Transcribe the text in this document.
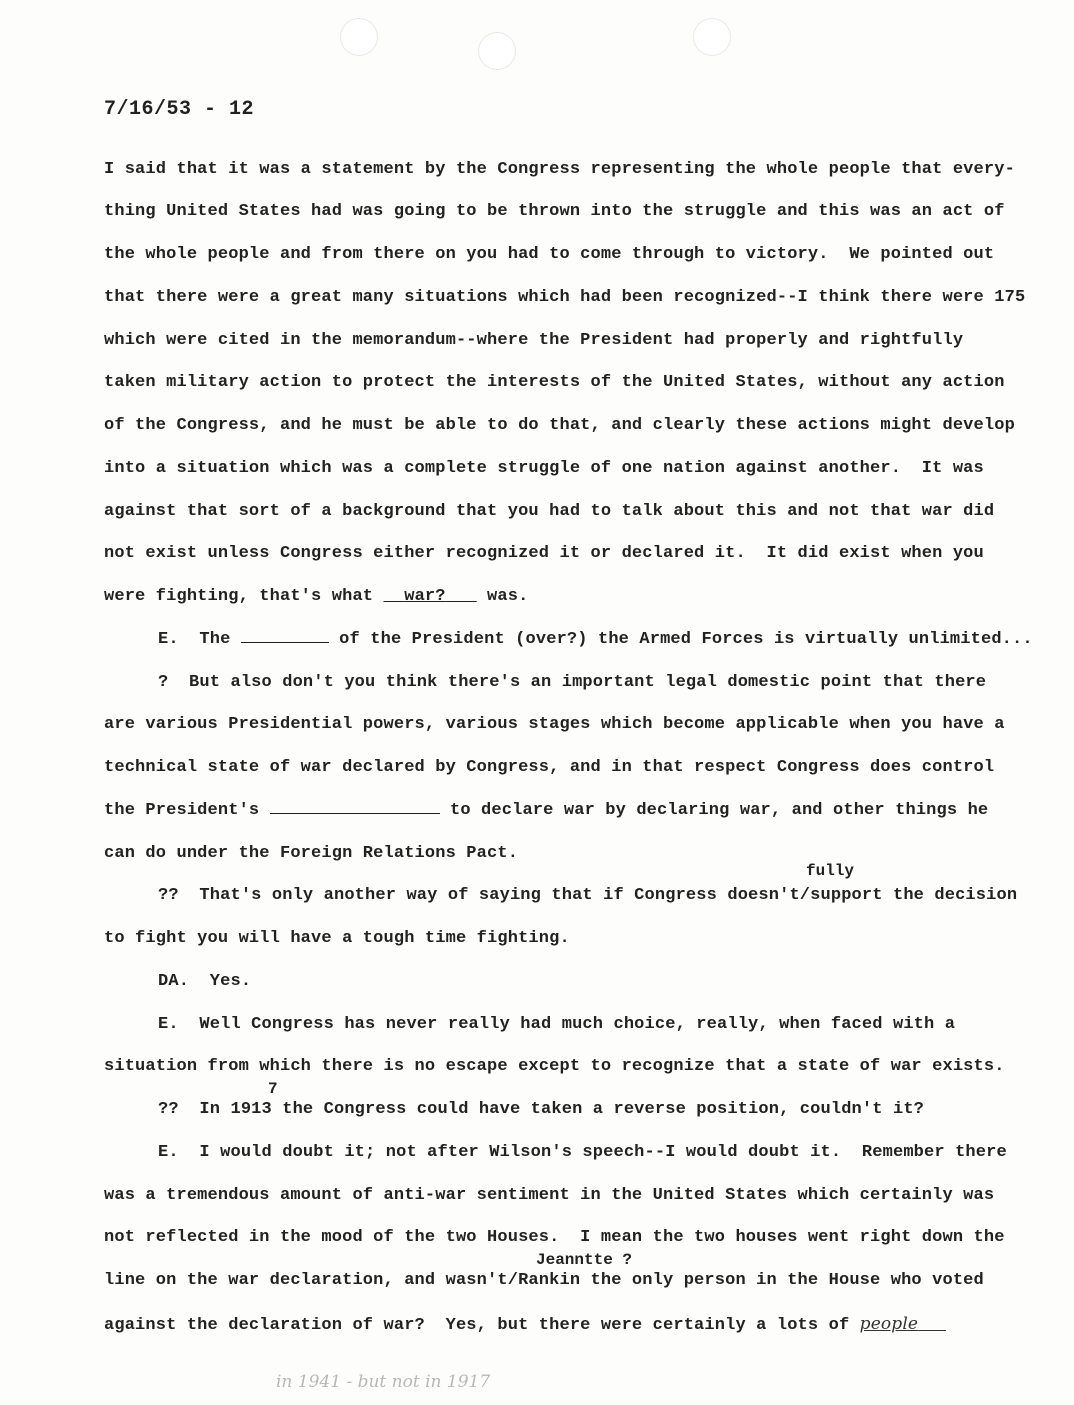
7/16/53 - 12
I said that it was a statement by the Congress representing the whole people that every-
thing United States had was going to be thrown into the struggle and this was an act of
the whole people and from there on you had to come through to victory.  We pointed out
that there were a great many situations which had been recognized--I think there were 175
which were cited in the memorandum--where the President had properly and rightfully
taken military action to protect the interests of the United States, without any action
of the Congress, and he must be able to do that, and clearly these actions might develop
into a situation which was a complete struggle of one nation against another.  It was
against that sort of a background that you had to talk about this and not that war did
not exist unless Congress either recognized it or declared it.  It did exist when you
were fighting, that's what   war?    was.
E.  The	of the President (over?) the Armed Forces is virtually unlimited...
?  But also don't you think there's an important legal domestic point that there
are various Presidential powers, various stages which become applicable when you have a
technical state of war declared by Congress, and in that respect Congress does control
the President's	to declare war by declaring war, and other things he
can do under the Foreign Relations Pact.
fully
??  That's only another way of saying that if Congress doesn't/support the decision
to fight you will have a tough time fighting.
DA.  Yes.
E.  Well Congress has never really had much choice, really, when faced with a
situation from which there is no escape except to recognize that a state of war exists.
7
??  In 1913 the Congress could have taken a reverse position, couldn't it?
E.  I would doubt it; not after Wilson's speech--I would doubt it.  Remember there
was a tremendous amount of anti-war sentiment in the United States which certainly was
not reflected in the mood of the two Houses.  I mean the two houses went right down the
Jeanntte ?
line on the war declaration, and wasn't/Rankin the only person in the House who voted
against the declaration of war?  Yes, but there were certainly a lots of people
in 1941 - but not in 1917
